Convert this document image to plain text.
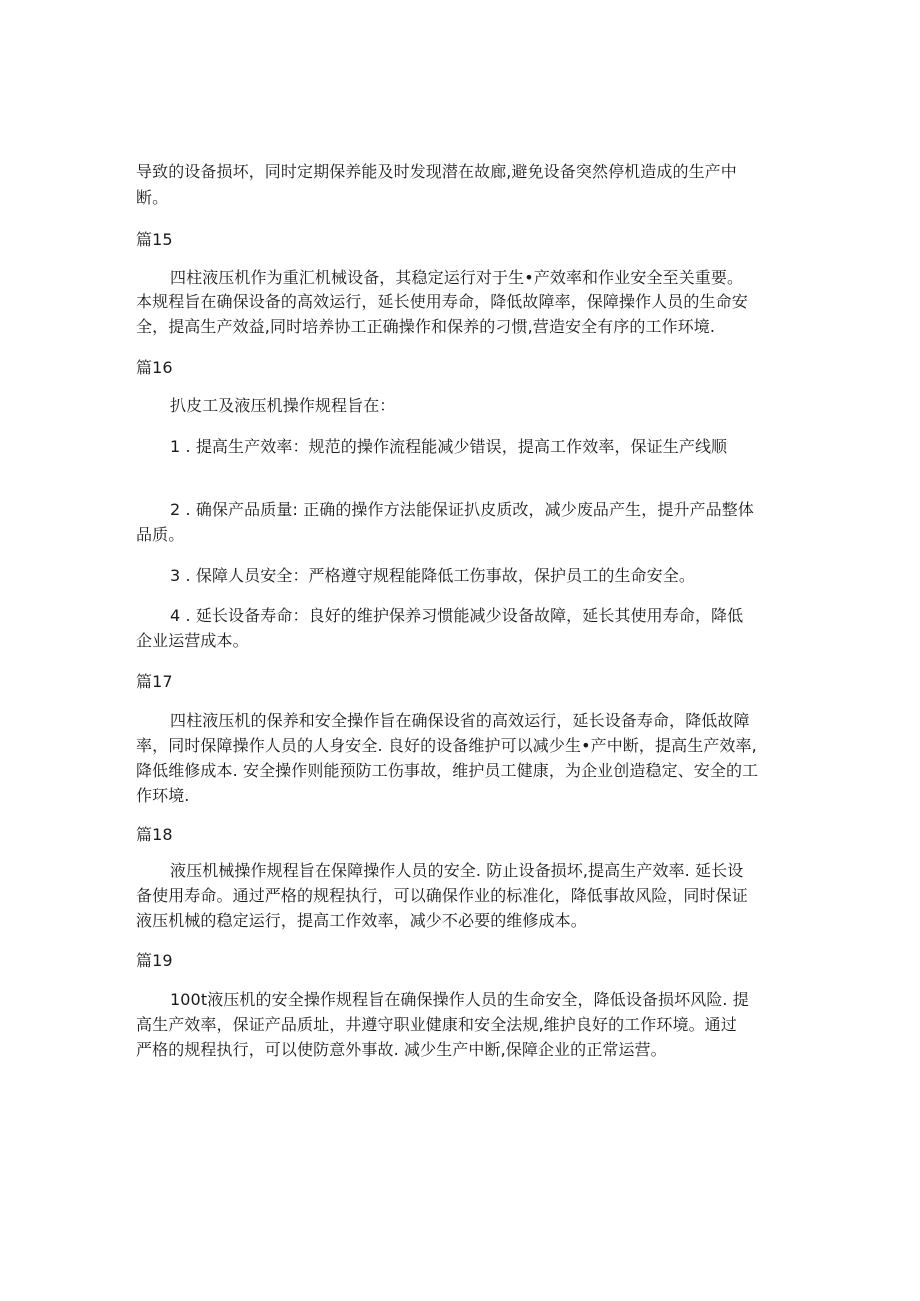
导致的设备损坏，同时定期保养能及时发现潜在故廊,避免设备突然停机造成的生产中
断。
篇15
四柱液压机作为重汇机械设备，其稳定运行对于生•产效率和作业安全至关重要。
本规程旨在确保设备的高效运行，延长使用寿命，降低故障率，保障操作人员的生命安
全，提高生产效益,同时培养协工正确操作和保养的刁惯,营造安全有序的工作环境.
篇16
扒皮工及液压机操作规程旨在：
1 . 提高生产效率：规范的操作流程能减少错误，提高工作效率，保证生产线顺
2 . 确保产品质量: 正确的操作方法能保证扒皮质改，减少废品产生，提升产品整体
品质。
3 . 保障人员安全：严格遵守规程能降低工伤事故，保护员工的生命安全。
4 . 延长设备寿命：良好的维护保养习惯能减少设备故障，延长其使用寿命，降低
企业运营成本。
篇17
四柱液压机的保养和安全操作旨在确保设省的高效运行，延长设备寿命，降低故障
率，同时保障操作人员的人身安全. 良好的设备维护可以减少生•产中断，提高生产效率,
降低维修成本. 安全操作则能预防工伤事故，维护员工健康，为企业创造稳定、安全的工
作环境.
篇18
液压机械操作规程旨在保障操作人员的安全. 防止设备损坏,提高生产效率. 延长设
备使用寿命。通过严格的规程执行，可以确保作业的标准化，降低事故风险，同时保证
液压机械的稳定运行，提高工作效率，减少不必要的维修成本。
篇19
100t液压机的安全操作规程旨在确保操作人员的生命安全，降低设备损坏风险. 提
高生产效率，保证产品质址，井遵守职业健康和安全法规,维护良好的工作环境。通过
严格的规程执行，可以使防意外事故. 减少生产中断,保障企业的正常运营。
